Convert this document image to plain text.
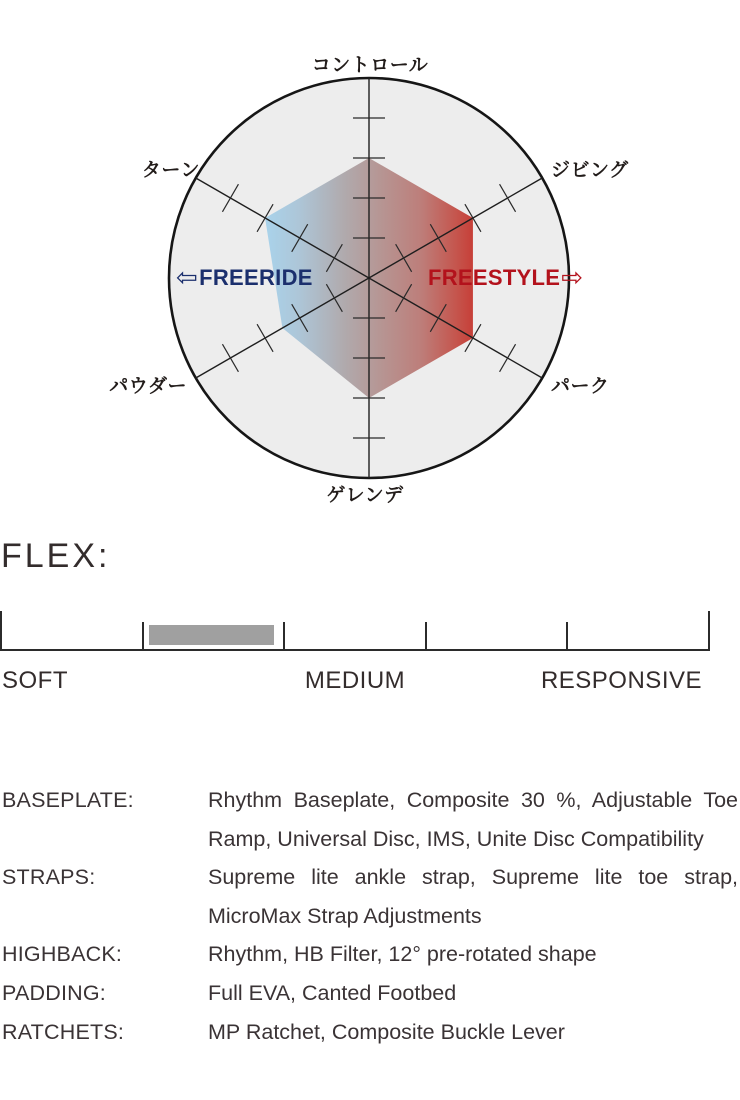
コントロール
ジビング
パーク
ゲレンデ
パウダー
ターン
⇦ FREERIDE	FREESTYLE ⇨
FLEX:
SOFT	MEDIUM	RESPONSIVE
BASEPLATE:	Rhythm Baseplate, Composite 30 %, Adjustable Toe
Ramp, Universal Disc, IMS, Unite Disc Compatibility
STRAPS:	Supreme lite ankle strap, Supreme lite toe strap,
MicroMax Strap Adjustments
HIGHBACK:	Rhythm, HB Filter, 12° pre-rotated shape
PADDING:	Full EVA, Canted Footbed
RATCHETS:	MP Ratchet, Composite Buckle Lever
